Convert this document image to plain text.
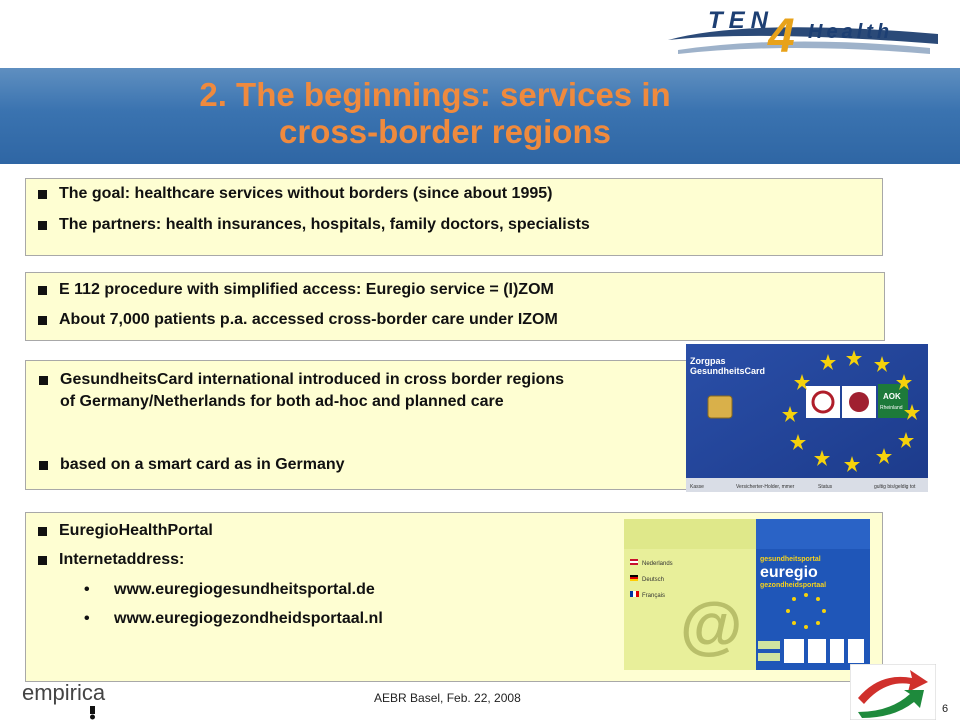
TEN
4 Health
2. The beginnings: services in
cross-border regions
The goal: healthcare services without borders (since about 1995)
The partners: health insurances, hospitals, family doctors, specialists
E 112 procedure with simplified access: Euregio service = (I)ZOM
About 7,000 patients p.a. accessed cross-border care under IZOM
GesundheitsCard international introduced in cross border regions of Germany/Netherlands for both ad-hoc and planned care
based on a smart card as in Germany
Zorgpas
GesundheitsCard
AOK
Rheinland
Kasse	Versicherter-Holder, mmer	Status	gultig bis/geldig tot
EuregioHealthPortal
Internetaddress:
• www.euregiogesundheitsportal.de
• www.euregiogezondheidsportaal.nl
Nederlands
Deutsch
Français @
gesundheitsportal
euregio
gezondheidsportaal
empirica	AEBR Basel, Feb. 22, 2008
6
